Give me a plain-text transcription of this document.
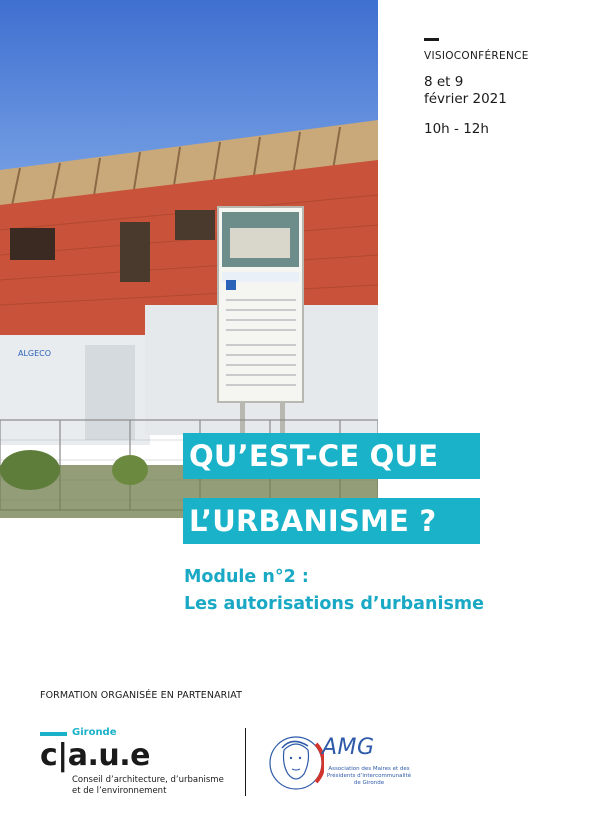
ALGECO
VISIOCONFÉRENCE
8 et 9
février 2021
10h - 12h
QU’EST-CE QUE
L’URBANISME ?
Module n°2 :
Les autorisations d’urbanisme
FORMATION ORGANISÉE EN PARTENARIAT
Gironde
c|a.u.e
Conseil d’architecture, d’urbanisme
et de l’environnement
AMG
Association des Maires et des
Présidents d’intercommunalité
de Gironde
